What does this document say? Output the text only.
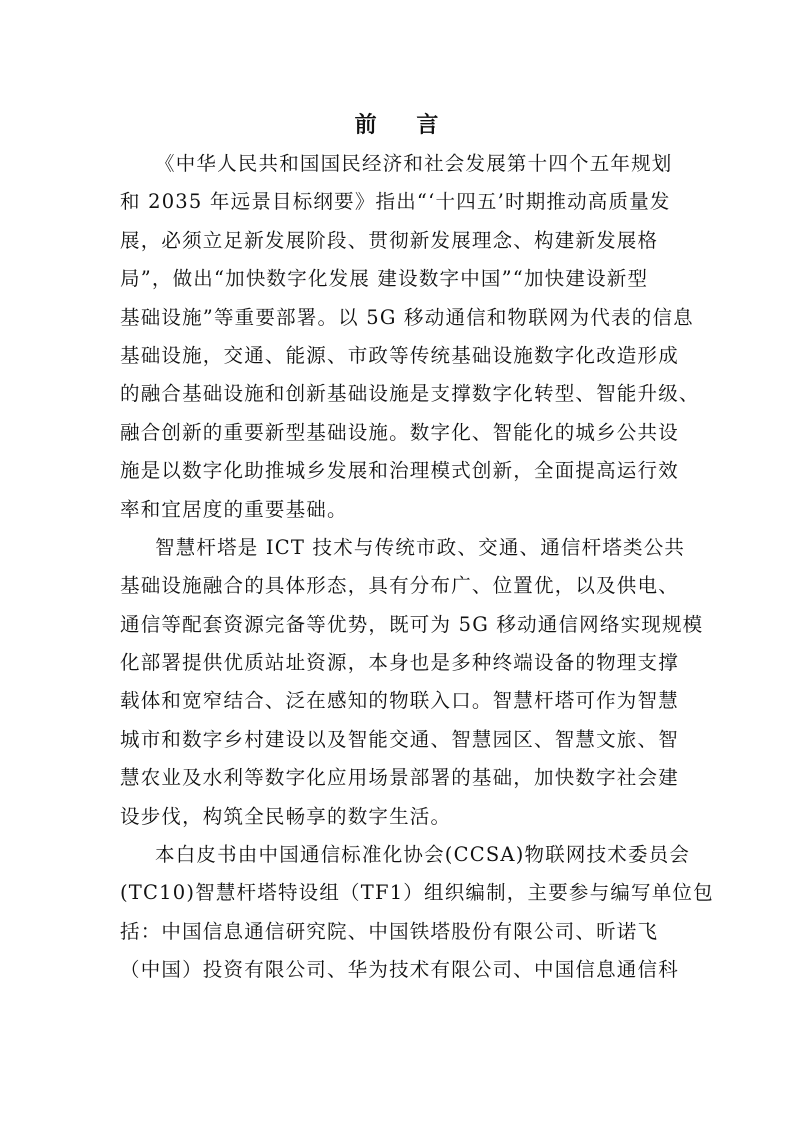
前 言
《中华人民共和国国民经济和社会发展第十四个五年规划
和 2035 年远景目标纲要》指出“‘十四五’时期推动高质量发
展，必须立足新发展阶段、贯彻新发展理念、构建新发展格
局”，做出“加快数字化发展 建设数字中国”“加快建设新型
基础设施”等重要部署。以 5G 移动通信和物联网为代表的信息
基础设施，交通、能源、市政等传统基础设施数字化改造形成
的融合基础设施和创新基础设施是支撑数字化转型、智能升级、
融合创新的重要新型基础设施。数字化、智能化的城乡公共设
施是以数字化助推城乡发展和治理模式创新，全面提高运行效
率和宜居度的重要基础。
智慧杆塔是 ICT 技术与传统市政、交通、通信杆塔类公共
基础设施融合的具体形态，具有分布广、位置优，以及供电、
通信等配套资源完备等优势，既可为 5G 移动通信网络实现规模
化部署提供优质站址资源，本身也是多种终端设备的物理支撑
载体和宽窄结合、泛在感知的物联入口。智慧杆塔可作为智慧
城市和数字乡村建设以及智能交通、智慧园区、智慧文旅、智
慧农业及水利等数字化应用场景部署的基础，加快数字社会建
设步伐，构筑全民畅享的数字生活。
本白皮书由中国通信标准化协会(CCSA)物联网技术委员会
(TC10)智慧杆塔特设组（TF1）组织编制，主要参与编写单位包
括：中国信息通信研究院、中国铁塔股份有限公司、昕诺飞
（中国）投资有限公司、华为技术有限公司、中国信息通信科
